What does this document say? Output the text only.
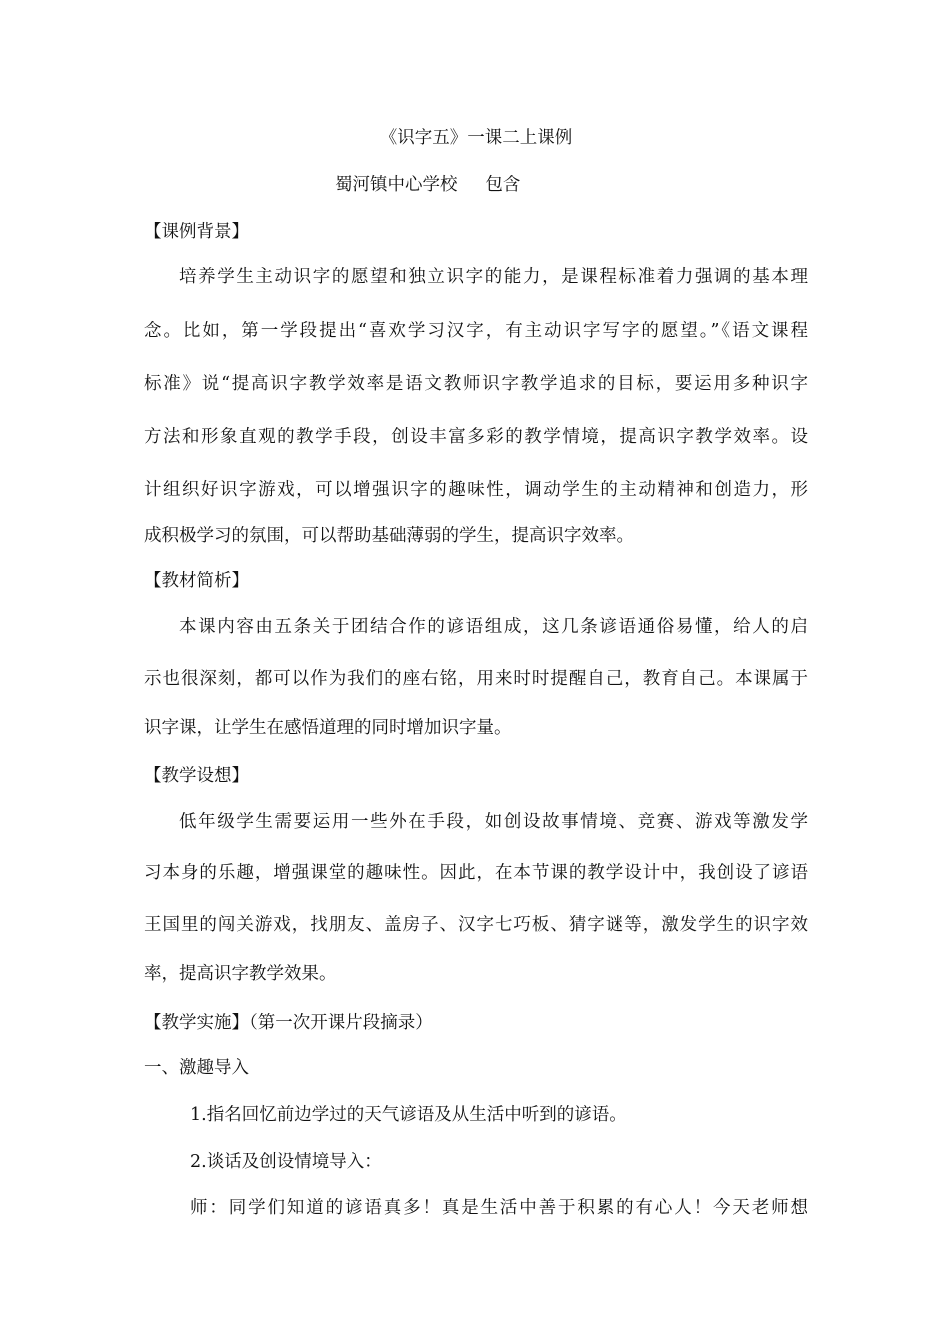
《识字五》一课二上课例
蜀河镇中心学校     包含
【课例背景】
培养学生主动识字的愿望和独立识字的能力，是课程标准着力强调的基本理
念。比如，第一学段提出“喜欢学习汉字，有主动识字写字的愿望。”《语文课程
标准》说“提高识字教学效率是语文教师识字教学追求的目标，要运用多种识字
方法和形象直观的教学手段，创设丰富多彩的教学情境，提高识字教学效率。设
计组织好识字游戏，可以增强识字的趣味性，调动学生的主动精神和创造力，形
成积极学习的氛围，可以帮助基础薄弱的学生，提高识字效率。
【教材简析】
本课内容由五条关于团结合作的谚语组成，这几条谚语通俗易懂，给人的启
示也很深刻，都可以作为我们的座右铭，用来时时提醒自己，教育自己。本课属于
识字课，让学生在感悟道理的同时增加识字量。
【教学设想】
低年级学生需要运用一些外在手段，如创设故事情境、竞赛、游戏等激发学
习本身的乐趣，增强课堂的趣味性。因此，在本节课的教学设计中，我创设了谚语
王国里的闯关游戏，找朋友、盖房子、汉字七巧板、猜字谜等，激发学生的识字效
率，提高识字教学效果。
【教学实施】（第一次开课片段摘录）
一、激趣导入
1.指名回忆前边学过的天气谚语及从生活中听到的谚语。
2.谈话及创设情境导入：
师：同学们知道的谚语真多！真是生活中善于积累的有心人！今天老师想
